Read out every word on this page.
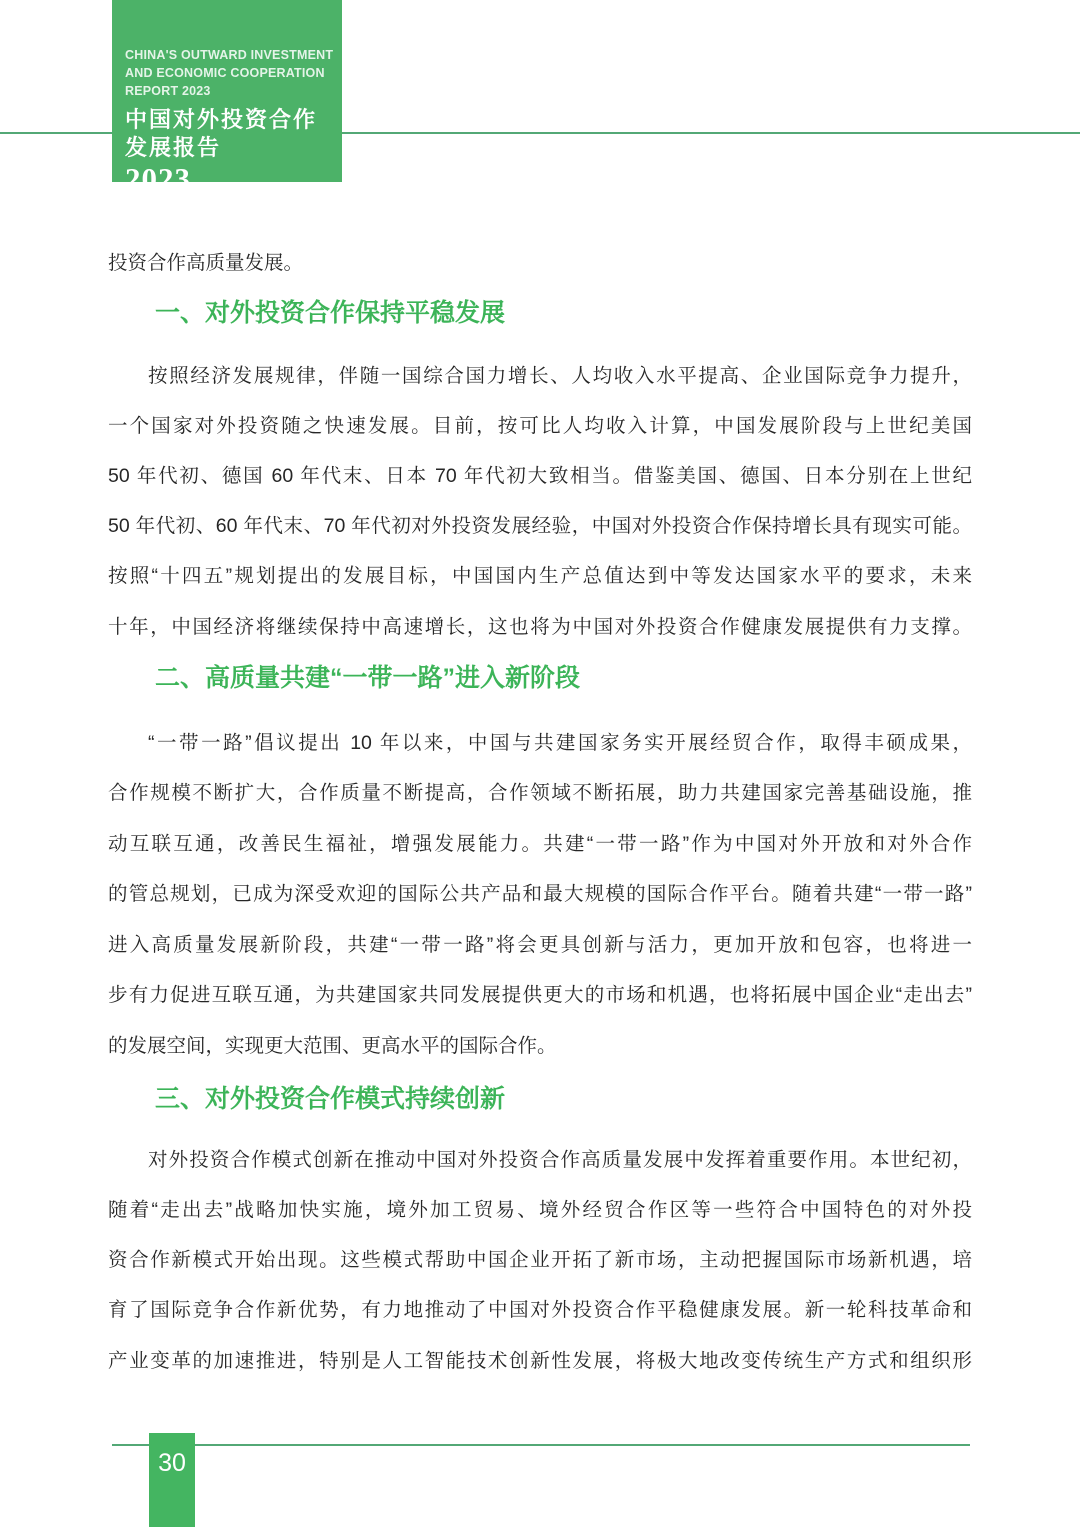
CHINA'S OUTWARD INVESTMENT
AND ECONOMIC COOPERATION
REPORT 2023
中国对外投资合作
发展报告
2023
投资合作高质量发展。
一、对外投资合作保持平稳发展
按照经济发展规律，伴随一国综合国力增长、人均收入水平提高、企业国际竞争力提升，
一个国家对外投资随之快速发展。目前，按可比人均收入计算，中国发展阶段与上世纪美国
50 年代初、德国 60 年代末、日本 70 年代初大致相当。借鉴美国、德国、日本分别在上世纪
50 年代初、60 年代末、70 年代初对外投资发展经验，中国对外投资合作保持增长具有现实可能。
按照“十四五”规划提出的发展目标，中国国内生产总值达到中等发达国家水平的要求，未来
十年，中国经济将继续保持中高速增长，这也将为中国对外投资合作健康发展提供有力支撑。
二、高质量共建“一带一路”进入新阶段
“一带一路”倡议提出 10 年以来，中国与共建国家务实开展经贸合作，取得丰硕成果，
合作规模不断扩大，合作质量不断提高，合作领域不断拓展，助力共建国家完善基础设施，推
动互联互通，改善民生福祉，增强发展能力。共建“一带一路”作为中国对外开放和对外合作
的管总规划，已成为深受欢迎的国际公共产品和最大规模的国际合作平台。随着共建“一带一路”
进入高质量发展新阶段，共建“一带一路”将会更具创新与活力，更加开放和包容，也将进一
步有力促进互联互通，为共建国家共同发展提供更大的市场和机遇，也将拓展中国企业“走出去”
的发展空间，实现更大范围、更高水平的国际合作。
三、对外投资合作模式持续创新
对外投资合作模式创新在推动中国对外投资合作高质量发展中发挥着重要作用。本世纪初，
随着“走出去”战略加快实施，境外加工贸易、境外经贸合作区等一些符合中国特色的对外投
资合作新模式开始出现。这些模式帮助中国企业开拓了新市场，主动把握国际市场新机遇，培
育了国际竞争合作新优势，有力地推动了中国对外投资合作平稳健康发展。新一轮科技革命和
产业变革的加速推进，特别是人工智能技术创新性发展，将极大地改变传统生产方式和组织形
30
